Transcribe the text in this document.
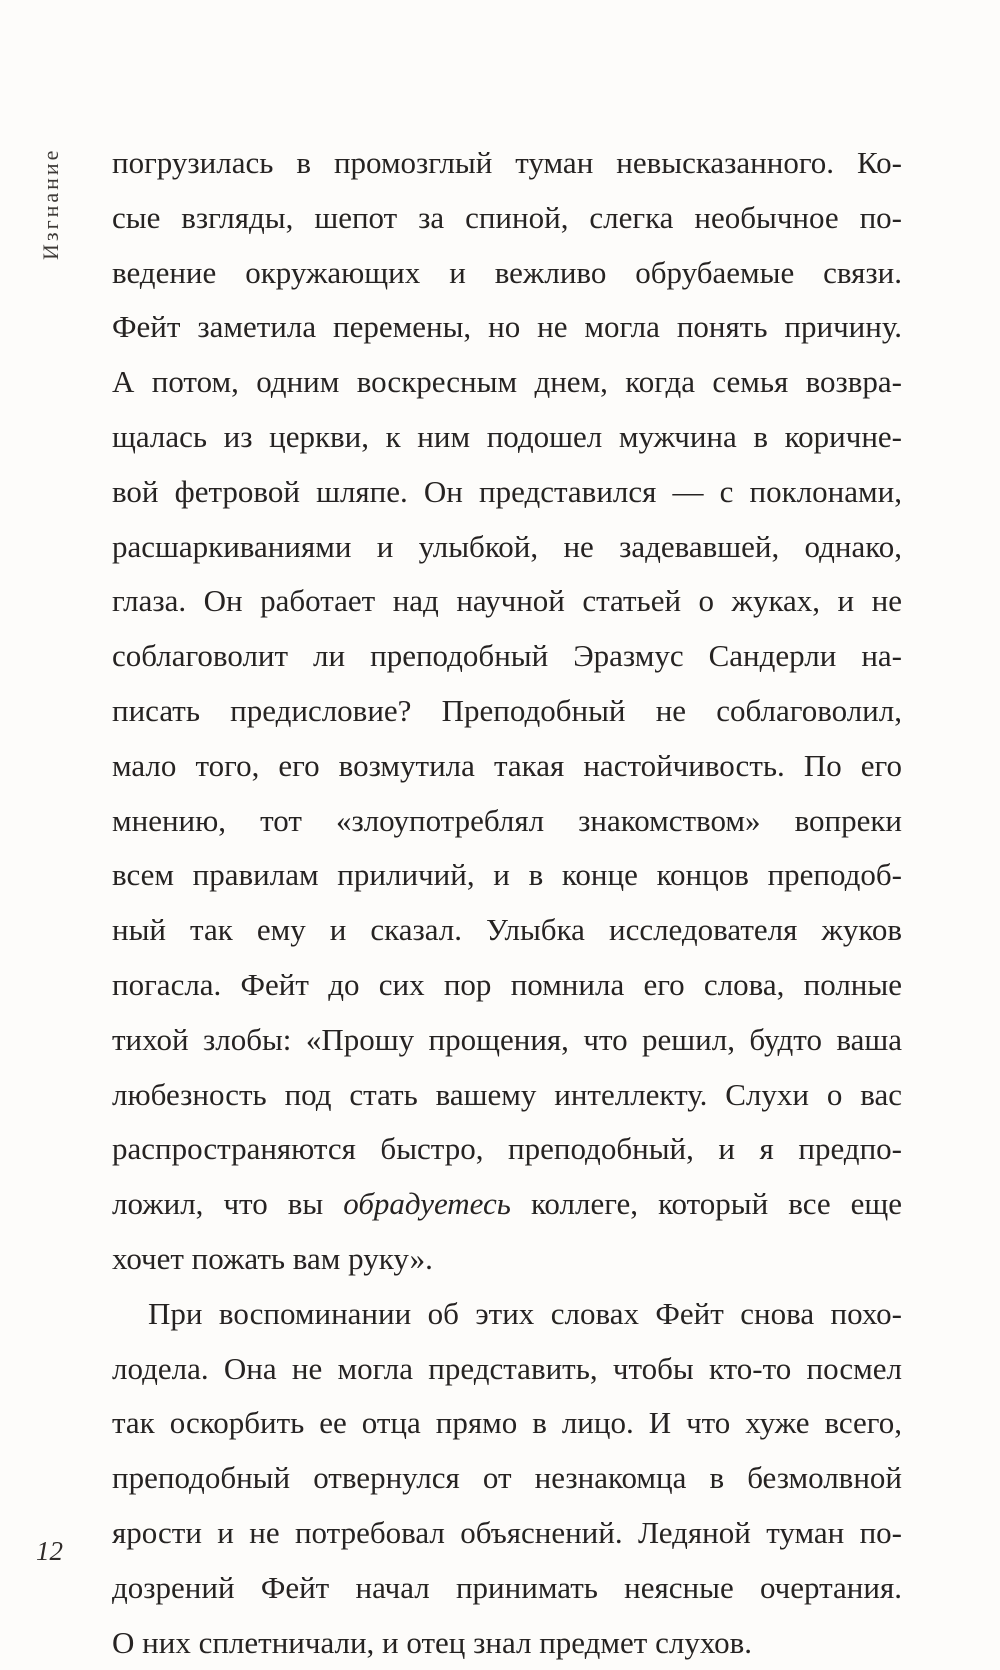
Изгнание погрузилась в промозглый туман невысказанного. Ко-
сые взгляды, шепот за спиной, слегка необычное по-
ведение окружающих и вежливо обрубаемые связи.
Фейт заметила перемены, но не могла понять причину.
А потом, одним воскресным днем, когда семья возвра-
щалась из церкви, к ним подошел мужчина в коричне-
вой фетровой шляпе. Он представился — с поклонами,
расшаркиваниями и улыбкой, не задевавшей, однако,
глаза. Он работает над научной статьей о жуках, и не
соблаговолит ли преподобный Эразмус Сандерли на-
писать предисловие? Преподобный не соблаговолил,
мало того, его возмутила такая настойчивость. По его
мнению, тот «злоупотреблял знакомством» вопреки
всем правилам приличий, и в конце концов преподоб-
ный так ему и сказал. Улыбка исследователя жуков
погасла. Фейт до сих пор помнила его слова, полные
тихой злобы: «Прошу прощения, что решил, будто ваша
любезность под стать вашему интеллекту. Слухи о вас
распространяются быстро, преподобный, и я предпо-
ложил, что вы обрадуетесь коллеге, который все еще
хочет пожать вам руку».
При воспоминании об этих словах Фейт снова похо-
лодела. Она не могла представить, чтобы кто-то посмел
так оскорбить ее отца прямо в лицо. И что хуже всего,
преподобный отвернулся от незнакомца в безмолвной
ярости и не потребовал объяснений. Ледяной туман по-
дозрений Фейт начал принимать неясные очертания.
О них сплетничали, и отец знал предмет слухов.
12
